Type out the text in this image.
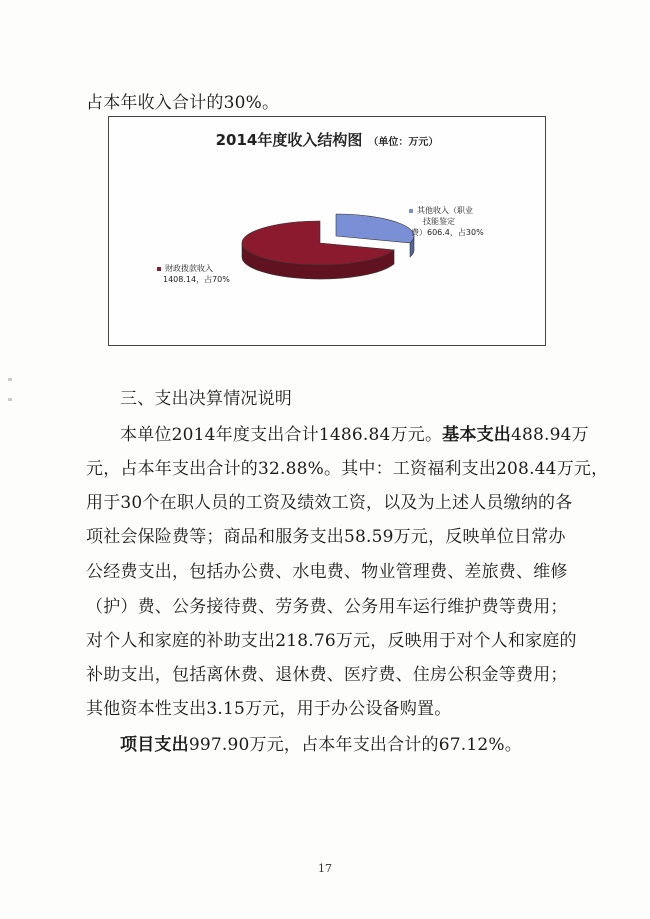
占本年收入合计的30%。
2014年度收入结构图 （单位：万元）
其他收入（职业
技能鉴定
费）606.4，占30%
财政拨款收入
1408.14，占70%
三、支出决算情况说明
本单位2014年度支出合计1486.84万元。基本支出488.94万
元，占本年支出合计的32.88%。其中：工资福利支出208.44万元，
用于30个在职人员的工资及绩效工资，以及为上述人员缴纳的各
项社会保险费等；商品和服务支出58.59万元，反映单位日常办
公经费支出，包括办公费、水电费、物业管理费、差旅费、维修
（护）费、公务接待费、劳务费、公务用车运行维护费等费用；
对个人和家庭的补助支出218.76万元，反映用于对个人和家庭的
补助支出，包括离休费、退休费、医疗费、住房公积金等费用；
其他资本性支出3.15万元，用于办公设备购置。
项目支出997.90万元，占本年支出合计的67.12%。
17
